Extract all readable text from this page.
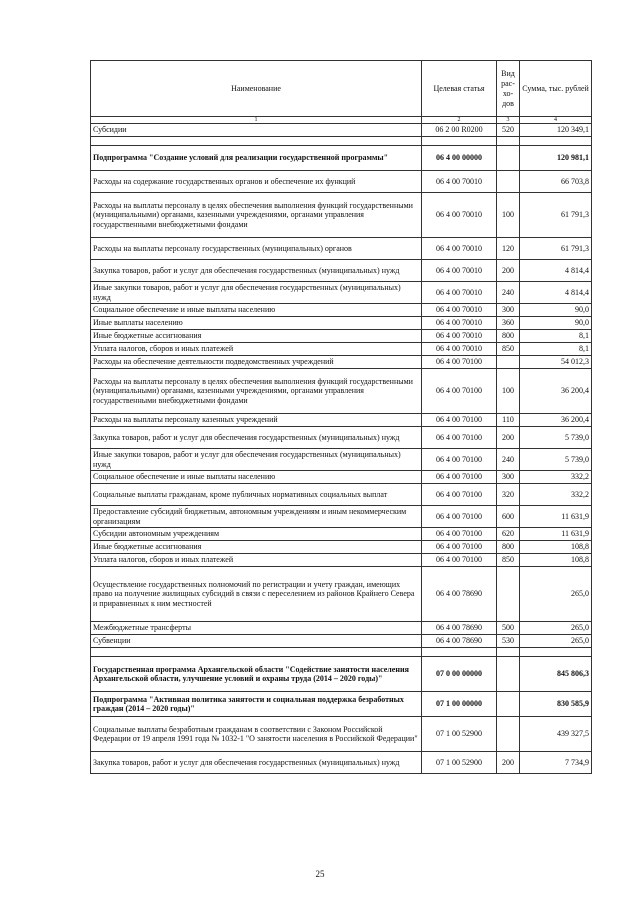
Наименование	Целевая статья	Вид рас-хо-дов	Сумма, тыс. рублей
1	2	3	4
Субсидии	06 2 00 R0200	520	120 349,1

Подпрограмма "Создание условий для реализации государственной программы"	06 4 00 00000		120 981,1
Расходы на содержание государственных органов и обеспечение их функций	06 4 00 70010		66 703,8
Расходы на выплаты персоналу в целях обеспечения выполнения функций государственными (муниципальными) органами, казенными учреждениями, органами управления государственными внебюджетными фондами	06 4 00 70010	100	61 791,3
Расходы на выплаты персоналу государственных (муниципальных) органов	06 4 00 70010	120	61 791,3
Закупка товаров, работ и услуг для обеспечения государственных (муниципальных) нужд	06 4 00 70010	200	4 814,4
Иные закупки товаров, работ и услуг для обеспечения государственных (муниципальных) нужд	06 4 00 70010	240	4 814,4
Социальное обеспечение и иные выплаты населению	06 4 00 70010	300	90,0
Иные выплаты населению	06 4 00 70010	360	90,0
Иные бюджетные ассигнования	06 4 00 70010	800	8,1
Уплата налогов, сборов и иных платежей	06 4 00 70010	850	8,1
Расходы на обеспечение деятельности подведомственных учреждений	06 4 00 70100		54 012,3
Расходы на выплаты персоналу в целях обеспечения выполнения функций государственными (муниципальными) органами, казенными учреждениями, органами управления государственными внебюджетными фондами	06 4 00 70100	100	36 200,4
Расходы на выплаты персоналу казенных учреждений	06 4 00 70100	110	36 200,4
Закупка товаров, работ и услуг для обеспечения государственных (муниципальных) нужд	06 4 00 70100	200	5 739,0
Иные закупки товаров, работ и услуг для обеспечения государственных (муниципальных) нужд	06 4 00 70100	240	5 739,0
Социальное обеспечение и иные выплаты населению	06 4 00 70100	300	332,2
Социальные выплаты гражданам, кроме публичных нормативных социальных выплат	06 4 00 70100	320	332,2
Предоставление субсидий бюджетным, автономным учреждениям и иным некоммерческим организациям	06 4 00 70100	600	11 631,9
Субсидии автономным учреждениям	06 4 00 70100	620	11 631,9
Иные бюджетные ассигнования	06 4 00 70100	800	108,8
Уплата налогов, сборов и иных платежей	06 4 00 70100	850	108,8
Осуществление государственных полномочий по регистрации и учету граждан, имеющих право на получение жилищных субсидий в связи с переселением из районов Крайнего Севера и приравненных к ним местностей	06 4 00 78690		265,0
Межбюджетные трансферты	06 4 00 78690	500	265,0
Субвенции	06 4 00 78690	530	265,0

Государственная программа Архангельской области "Содействие занятости населения Архангельской области, улучшение условий и охраны труда (2014 – 2020 годы)"	07 0 00 00000		845 806,3
Подпрограмма "Активная политика занятости и социальная поддержка безработных граждан (2014 – 2020 годы)"	07 1 00 00000		830 585,9
Социальные выплаты безработным гражданам в соответствии с Законом Российской Федерации от 19 апреля 1991 года № 1032-1 "О занятости населения в Российской Федерации"	07 1 00 52900		439 327,5
Закупка товаров, работ и услуг для обеспечения государственных (муниципальных) нужд	07 1 00 52900	200	7 734,9
25
